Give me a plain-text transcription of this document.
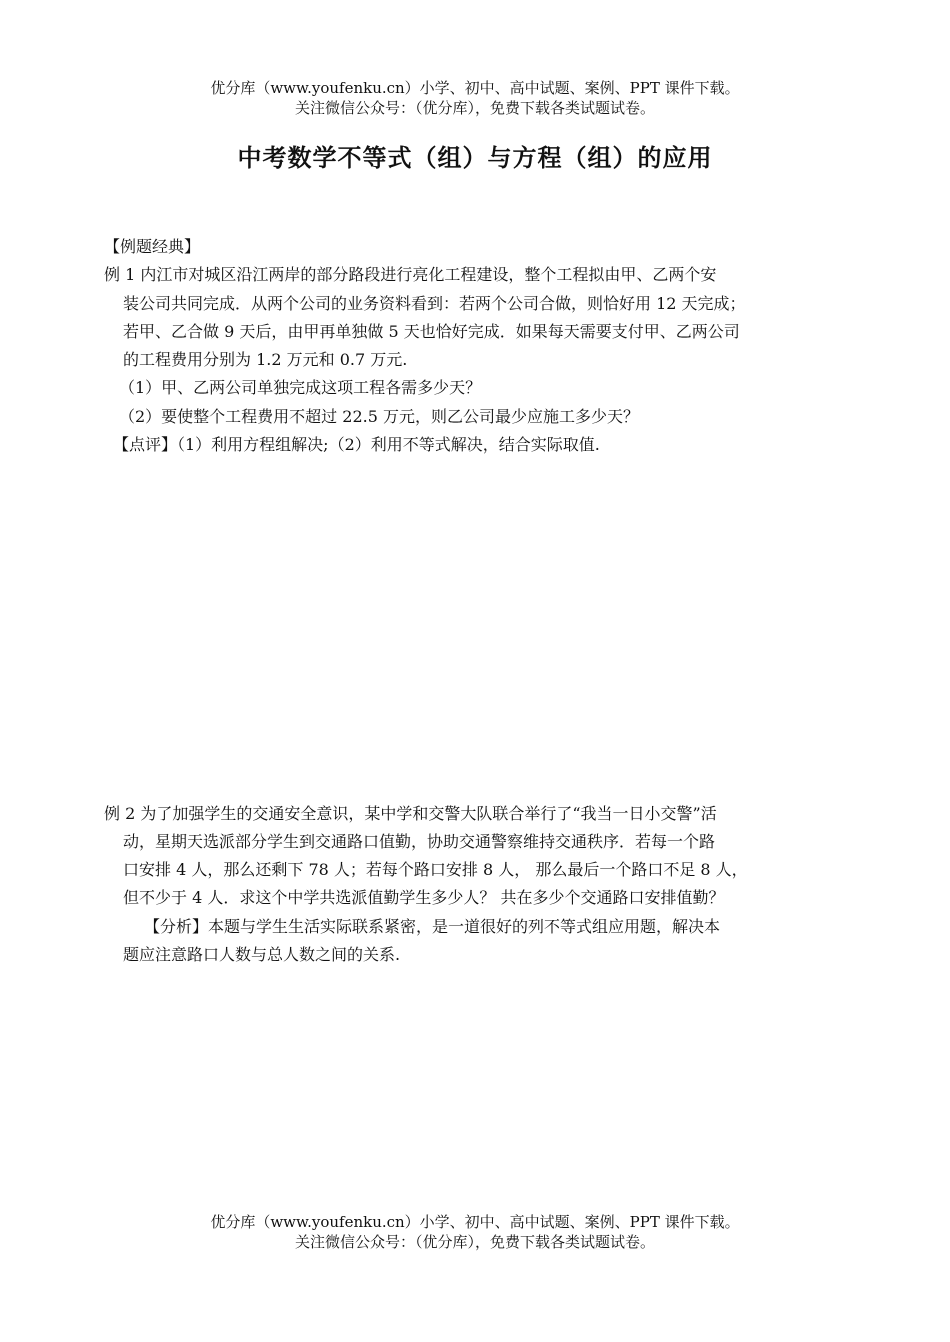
优分库（www.youfenku.cn）小学、初中、高中试题、案例、PPT 课件下载。
关注微信公众号：（优分库），免费下载各类试题试卷。
中考数学不等式（组）与方程（组）的应用
【例题经典】
例 1 内江市对城区沿江两岸的部分路段进行亮化工程建设，整个工程拟由甲、乙两个安
装公司共同完成．从两个公司的业务资料看到：若两个公司合做，则恰好用 12 天完成；
若甲、乙合做 9 天后，由甲再单独做 5 天也恰好完成．如果每天需要支付甲、乙两公司
的工程费用分别为 1.2 万元和 0.7 万元.
（1）甲、乙两公司单独完成这项工程各需多少天？
（2）要使整个工程费用不超过 22.5 万元，则乙公司最少应施工多少天？
【点评】（1）利用方程组解决;（2）利用不等式解决，结合实际取值.
例 2 为了加强学生的交通安全意识，某中学和交警大队联合举行了“我当一日小交警”活
动，星期天选派部分学生到交通路口值勤，协助交通警察维持交通秩序．若每一个路
口安排 4 人，那么还剩下 78 人；若每个路口安排 8 人， 那么最后一个路口不足 8 人，
但不少于 4 人．求这个中学共选派值勤学生多少人？ 共在多少个交通路口安排值勤？
【分析】本题与学生生活实际联系紧密，是一道很好的列不等式组应用题，解决本
题应注意路口人数与总人数之间的关系.
优分库（www.youfenku.cn）小学、初中、高中试题、案例、PPT 课件下载。
关注微信公众号：（优分库），免费下载各类试题试卷。
